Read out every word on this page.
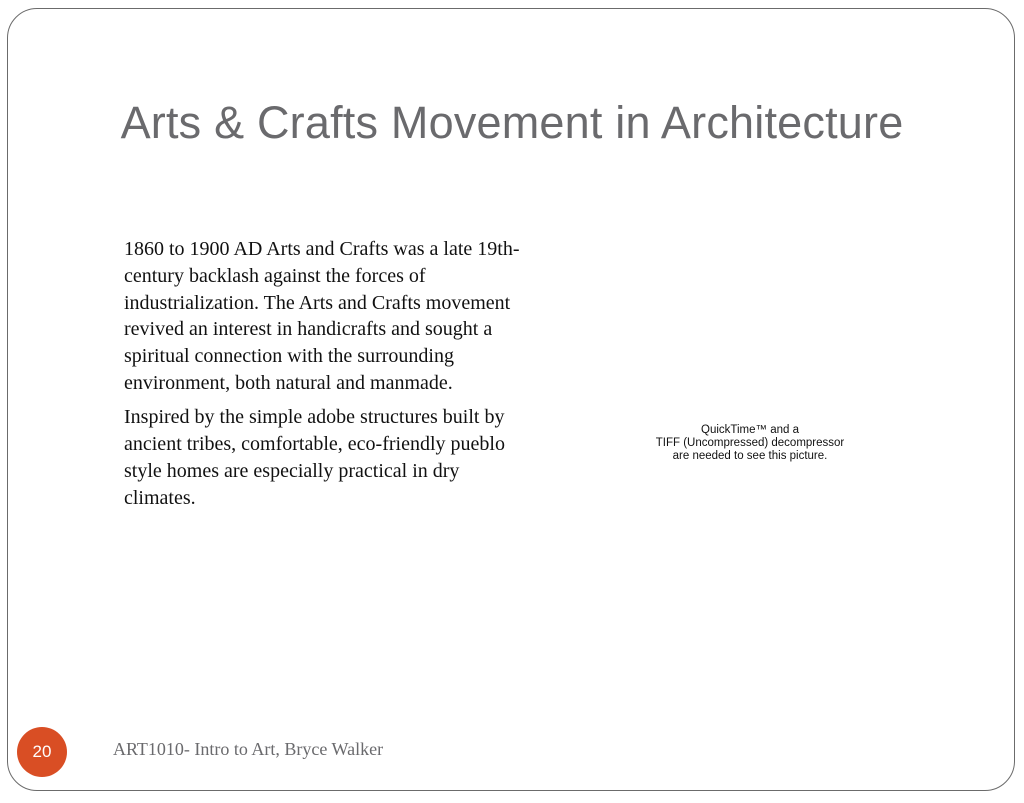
Arts & Crafts Movement in Architecture

1860 to 1900 AD Arts and Crafts was a late 19th-century backlash against the forces of industrialization. The Arts and Crafts movement revived an interest in handicrafts and sought a spiritual connection with the surrounding environment, both natural and manmade.

Inspired by the simple adobe structures built by ancient tribes, comfortable, eco-friendly pueblo style homes are especially practical in dry climates.

QuickTime™ and a
TIFF (Uncompressed) decompressor
are needed to see this picture.
20	ART1010- Intro to Art, Bryce Walker
